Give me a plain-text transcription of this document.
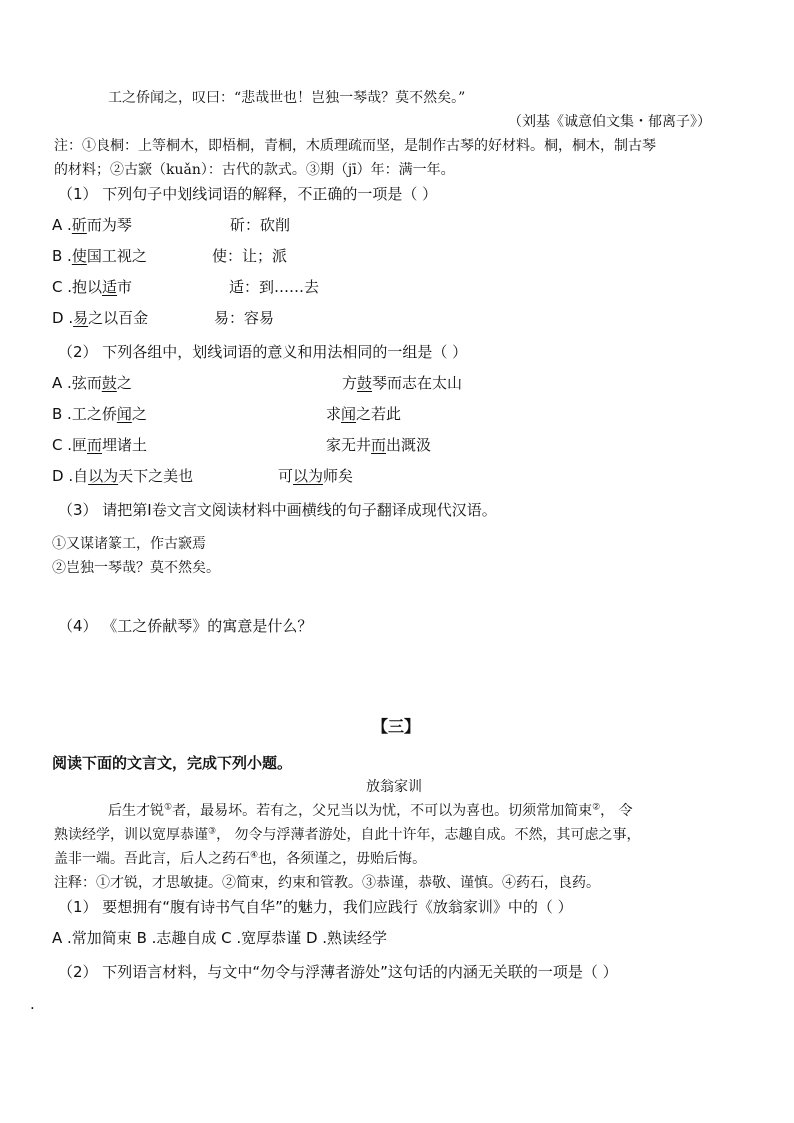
工之侨闻之，叹曰：“悲哉世也！岂独一琴哉？莫不然矣。”
（刘基《诚意伯文集・郁离子》）
注：①良桐：上等桐木，即梧桐，青桐，木质理疏而坚，是制作古琴的好材料。桐，桐木，制古琴
的材料；②古窾（kuǎn）：古代的款式。③期（jī）年：满一年。
（1） 下列句子中划线词语的解释，不正确的一项是（ ）
A .斫而为琴	斫：砍削
B .使国工视之	使：让；派
C .抱以适市	适：到……去
D .易之以百金	易：容易
（2） 下列各组中，划线词语的意义和用法相同的一组是（ ）
A .弦而鼓之	方鼓琴而志在太山
B .工之侨闻之	求闻之若此
C .匣而埋诸土	家无井而出溉汲
D .自以为天下之美也	可以为师矣
（3） 请把第Ⅰ卷文言文阅读材料中画横线的句子翻译成现代汉语。
①又谋诸篆工，作古窾焉
②岂独一琴哉？莫不然矣。
（4） 《工之侨献琴》的寓意是什么？
【三】
阅读下面的文言文，完成下列小题。
放翁家训
后生才锐①者，最易坏。若有之，父兄当以为忧，不可以为喜也。切须常加简束②， 令
熟读经学，训以宽厚恭谨③， 勿令与浮薄者游处，自此十许年，志趣自成。不然，其可虑之事，
盖非一端。吾此言，后人之药石④也，各须谨之，毋贻后悔。
注释：①才锐，才思敏捷。②简束，约束和管教。③恭谨，恭敬、谨慎。④药石，良药。
（1） 要想拥有“腹有诗书气自华”的魅力，我们应践行《放翁家训》中的（ ）
A .常加简束 B .志趣自成 C .宽厚恭谨 D .熟读经学
（2） 下列语言材料，与文中“勿令与浮薄者游处”这句话的内涵无关联的一项是（ ）
.
